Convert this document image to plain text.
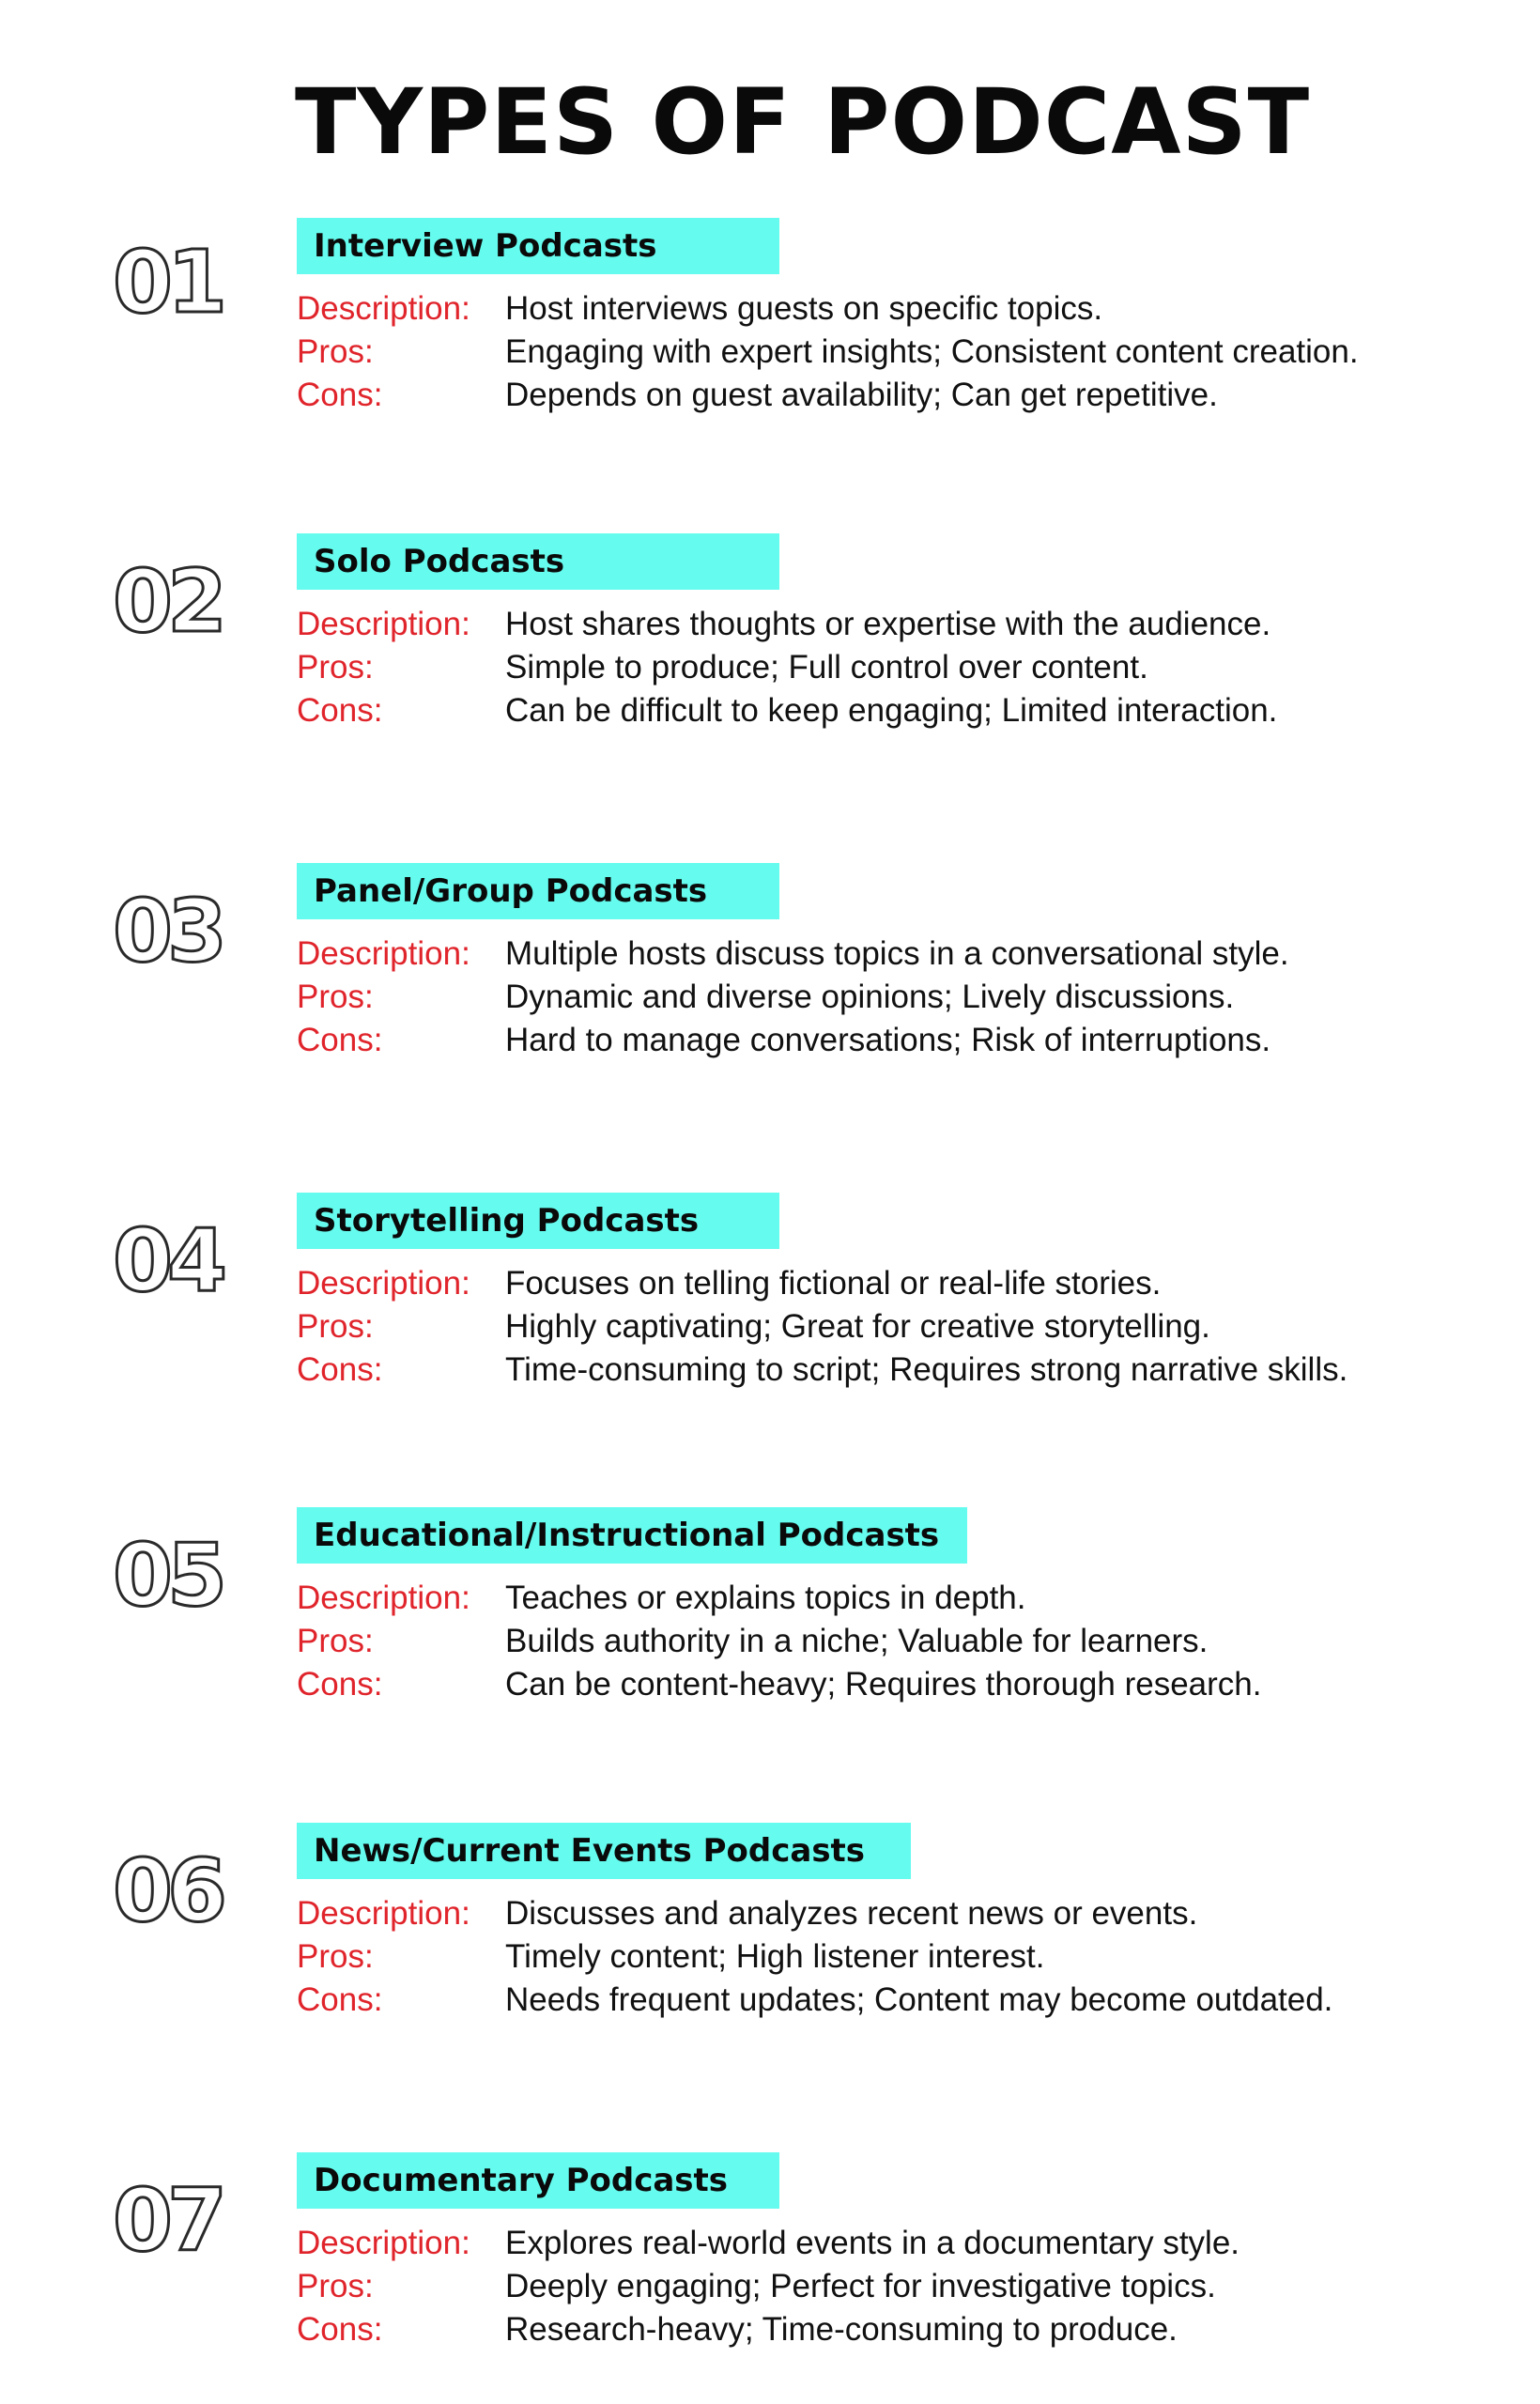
TYPES OF PODCAST
01	Interview Podcasts
Description:	Host interviews guests on specific topics.
Pros:	Engaging with expert insights; Consistent content creation.
Cons:	Depends on guest availability; Can get repetitive.
02	Solo Podcasts
Description:	Host shares thoughts or expertise with the audience.
Pros:	Simple to produce; Full control over content.
Cons:	Can be difficult to keep engaging; Limited interaction.
03	Panel/Group Podcasts
Description:	Multiple hosts discuss topics in a conversational style.
Pros:	Dynamic and diverse opinions; Lively discussions.
Cons:	Hard to manage conversations; Risk of interruptions.
04	Storytelling Podcasts
Description:	Focuses on telling fictional or real-life stories.
Pros:	Highly captivating; Great for creative storytelling.
Cons:	Time-consuming to script; Requires strong narrative skills.
05	Educational/Instructional Podcasts
Description:	Teaches or explains topics in depth.
Pros:	Builds authority in a niche; Valuable for learners.
Cons:	Can be content-heavy; Requires thorough research.
06	News/Current Events Podcasts
Description:	Discusses and analyzes recent news or events.
Pros:	Timely content; High listener interest.
Cons:	Needs frequent updates; Content may become outdated.
07	Documentary Podcasts
Description:	Explores real-world events in a documentary style.
Pros:	Deeply engaging; Perfect for investigative topics.
Cons:	Research-heavy; Time-consuming to produce.
